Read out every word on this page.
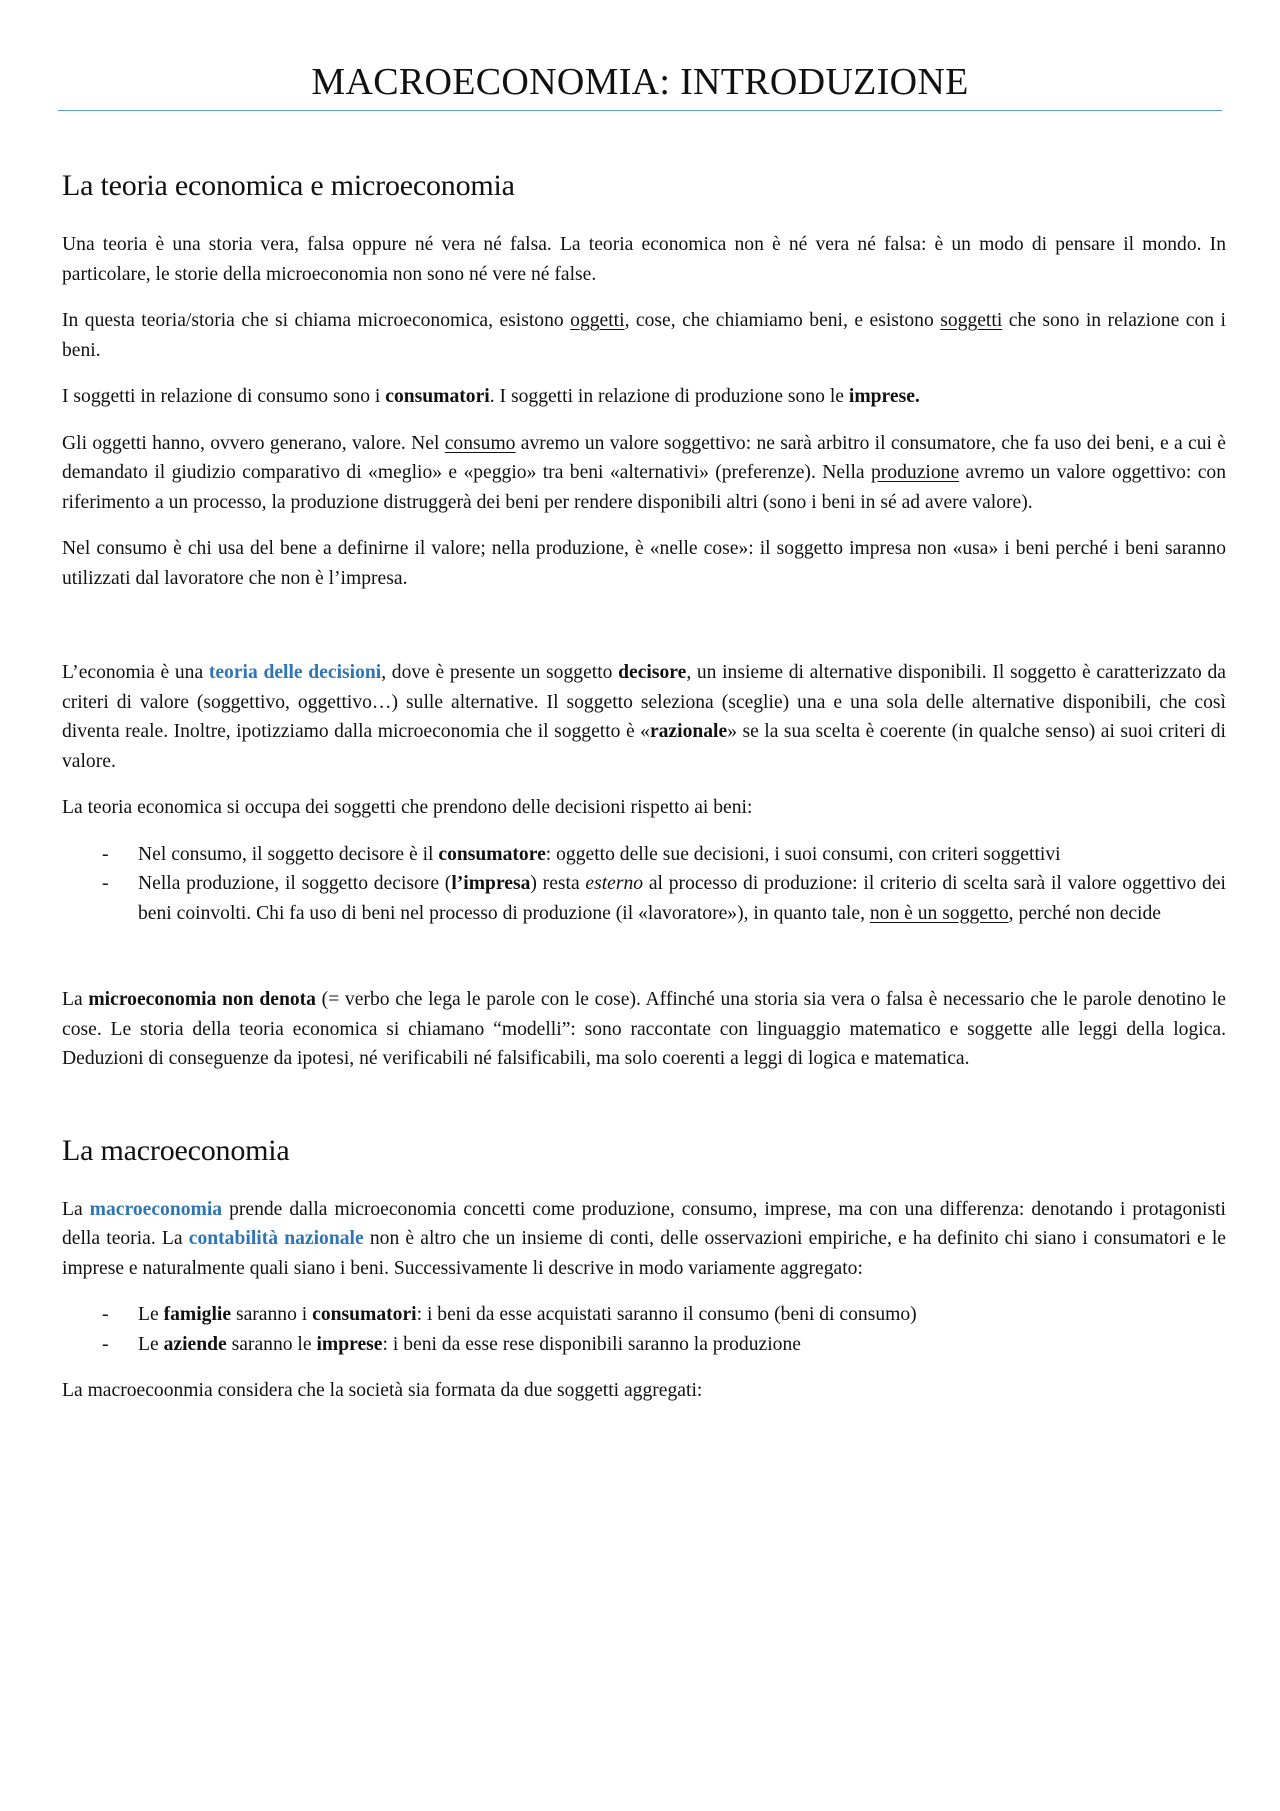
MACROECONOMIA: INTRODUZIONE
La teoria economica e microeconomia

Una teoria è una storia vera, falsa oppure né vera né falsa. La teoria economica non è né vera né falsa: è un modo di pensare il mondo. In particolare, le storie della microeconomia non sono né vere né false.

In questa teoria/storia che si chiama microeconomica, esistono oggetti, cose, che chiamiamo beni, e esistono soggetti che sono in relazione con i beni.

I soggetti in relazione di consumo sono i consumatori. I soggetti in relazione di produzione sono le imprese.

Gli oggetti hanno, ovvero generano, valore. Nel consumo avremo un valore soggettivo: ne sarà arbitro il consumatore, che fa uso dei beni, e a cui è demandato il giudizio comparativo di «meglio» e «peggio» tra beni «alternativi» (preferenze). Nella produzione avremo un valore oggettivo: con riferimento a un processo, la produzione distruggerà dei beni per rendere disponibili altri (sono i beni in sé ad avere valore).

Nel consumo è chi usa del bene a definirne il valore; nella produzione, è «nelle cose»: il soggetto impresa non «usa» i beni perché i beni saranno utilizzati dal lavoratore che non è l’impresa.

L’economia è una teoria delle decisioni, dove è presente un soggetto decisore, un insieme di alternative disponibili. Il soggetto è caratterizzato da criteri di valore (soggettivo, oggettivo…) sulle alternative. Il soggetto seleziona (sceglie) una e una sola delle alternative disponibili, che così diventa reale. Inoltre, ipotizziamo dalla microeconomia che il soggetto è «razionale» se la sua scelta è coerente (in qualche senso) ai suoi criteri di valore.

La teoria economica si occupa dei soggetti che prendono delle decisioni rispetto ai beni:

- Nel consumo, il soggetto decisore è il consumatore: oggetto delle sue decisioni, i suoi consumi, con criteri soggettivi
- Nella produzione, il soggetto decisore (l’impresa) resta esterno al processo di produzione: il criterio di scelta sarà il valore oggettivo dei beni coinvolti. Chi fa uso di beni nel processo di produzione (il «lavoratore»), in quanto tale, non è un soggetto, perché non decide

La microeconomia non denota (= verbo che lega le parole con le cose). Affinché una storia sia vera o falsa è necessario che le parole denotino le cose. Le storia della teoria economica si chiamano “modelli”: sono raccontate con linguaggio matematico e soggette alle leggi della logica. Deduzioni di conseguenze da ipotesi, né verificabili né falsificabili, ma solo coerenti a leggi di logica e matematica.

La macroeconomia

La macroeconomia prende dalla microeconomia concetti come produzione, consumo, imprese, ma con una differenza: denotando i protagonisti della teoria. La contabilità nazionale non è altro che un insieme di conti, delle osservazioni empiriche, e ha definito chi siano i consumatori e le imprese e naturalmente quali siano i beni. Successivamente li descrive in modo variamente aggregato:

- Le famiglie saranno i consumatori: i beni da esse acquistati saranno il consumo (beni di consumo)
- Le aziende saranno le imprese: i beni da esse rese disponibili saranno la produzione

La macroecoonmia considera che la società sia formata da due soggetti aggregati:
